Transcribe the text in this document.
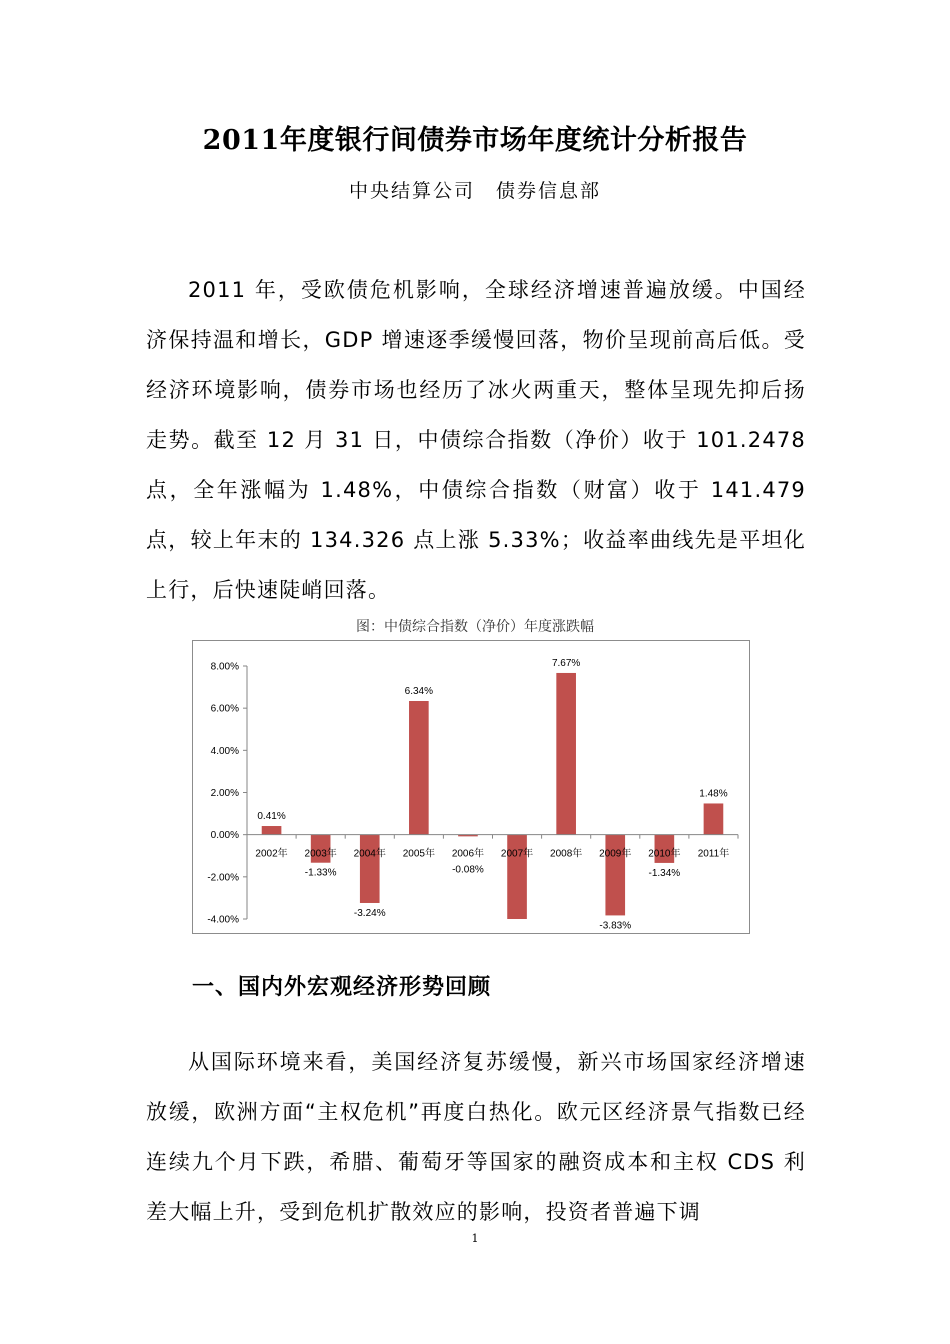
2011年度银行间债券市场年度统计分析报告
中央结算公司　债券信息部

2011 年，受欧债危机影响，全球经济增速普遍放缓。中国经济保持温和增长，GDP 增速逐季缓慢回落，物价呈现前高后低。受经济环境影响，债券市场也经历了冰火两重天，整体呈现先抑后扬走势。截至 12 月 31 日，中债综合指数（净价）收于 101.2478 点，全年涨幅为 1.48%，中债综合指数（财富）收于 141.479 点，较上年末的 134.326 点上涨 5.33%；收益率曲线先是平坦化上行，后快速陡峭回落。

图：中债综合指数（净价）年度涨跌幅
8.00%
6.00%
4.00%
2.00%
0.00%
-2.00%
-4.00%
2002年 2003年 2004年 2005年 2006年 2007年 2008年 2009年 2010年 2011年
0.41%
-1.33%
-3.24%
6.34%
-0.08%
7.67%
-3.83%
-1.34%
1.48%
一、国内外宏观经济形势回顾

从国际环境来看，美国经济复苏缓慢，新兴市场国家经济增速放缓，欧洲方面“主权危机”再度白热化。欧元区经济景气指数已经连续九个月下跌，希腊、葡萄牙等国家的融资成本和主权 CDS 利差大幅上升，受到危机扩散效应的影响，投资者普遍下调

1
